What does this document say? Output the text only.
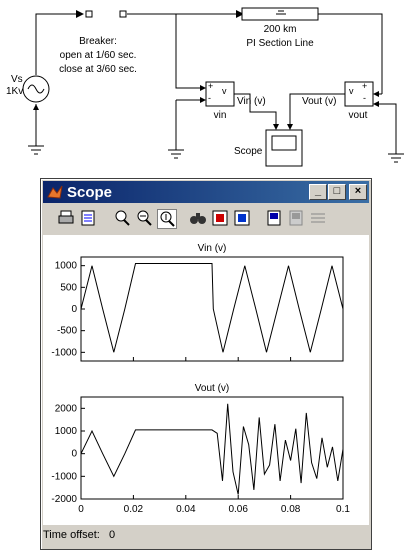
Vs
1Kv
Breaker:
open at 1/60 sec.
close at 3/60 sec.
200 km
PI Section Line
+
-
v	+
-
v
vin	vout
Vin (v)	Vout (v)
Scope
Scope	_	□	×
Vin (v)
-1000
-500
0
500
1000
Vout (v)
-2000
-1000
0
1000
2000
0	0.02	0.04	0.06	0.08	0.1
Time offset: 0
